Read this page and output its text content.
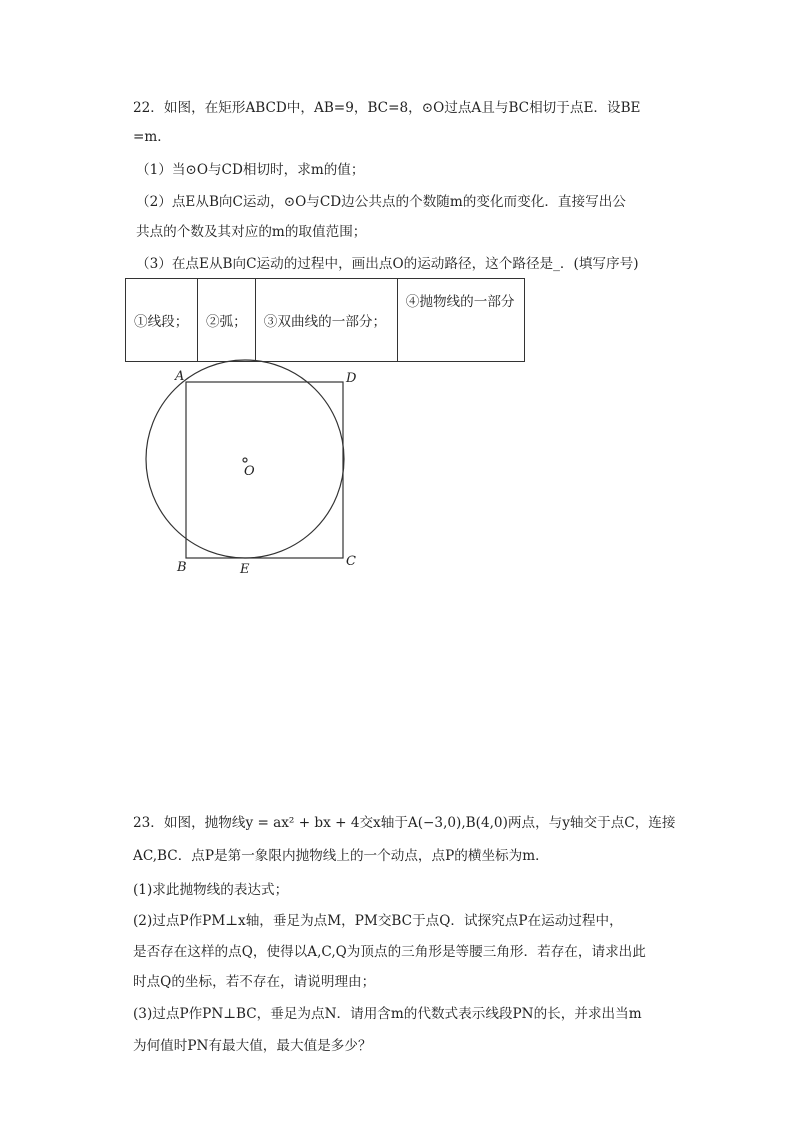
22．如图，在矩形ABCD中，AB=9，BC=8，⊙O过点A且与BC相切于点E．设BE
=m．
（1）当⊙O与CD相切时，求m的值；
（2）点E从B向C运动，⊙O与CD边公共点的个数随m的变化而变化．直接写出公
共点的个数及其对应的m的取值范围；
（3）在点E从B向C运动的过程中，画出点O的运动路径，这个路径是_．(填写序号)
①线段；	②弧；	③双曲线的一部分；	④抛物线的一部分
A	D
O
B	E
C
23．如图，抛物线y = ax² + bx + 4交x轴于A(−3,0),B(4,0)两点，与y轴交于点C，连接
AC,BC．点P是第一象限内抛物线上的一个动点，点P的横坐标为m．
(1)求此抛物线的表达式；
(2)过点P作PM⊥x轴，垂足为点M，PM交BC于点Q．试探究点P在运动过程中，
是否存在这样的点Q，使得以A,C,Q为顶点的三角形是等腰三角形．若存在，请求出此
时点Q的坐标，若不存在，请说明理由；
(3)过点P作PN⊥BC，垂足为点N．请用含m的代数式表示线段PN的长，并求出当m
为何值时PN有最大值，最大值是多少？
